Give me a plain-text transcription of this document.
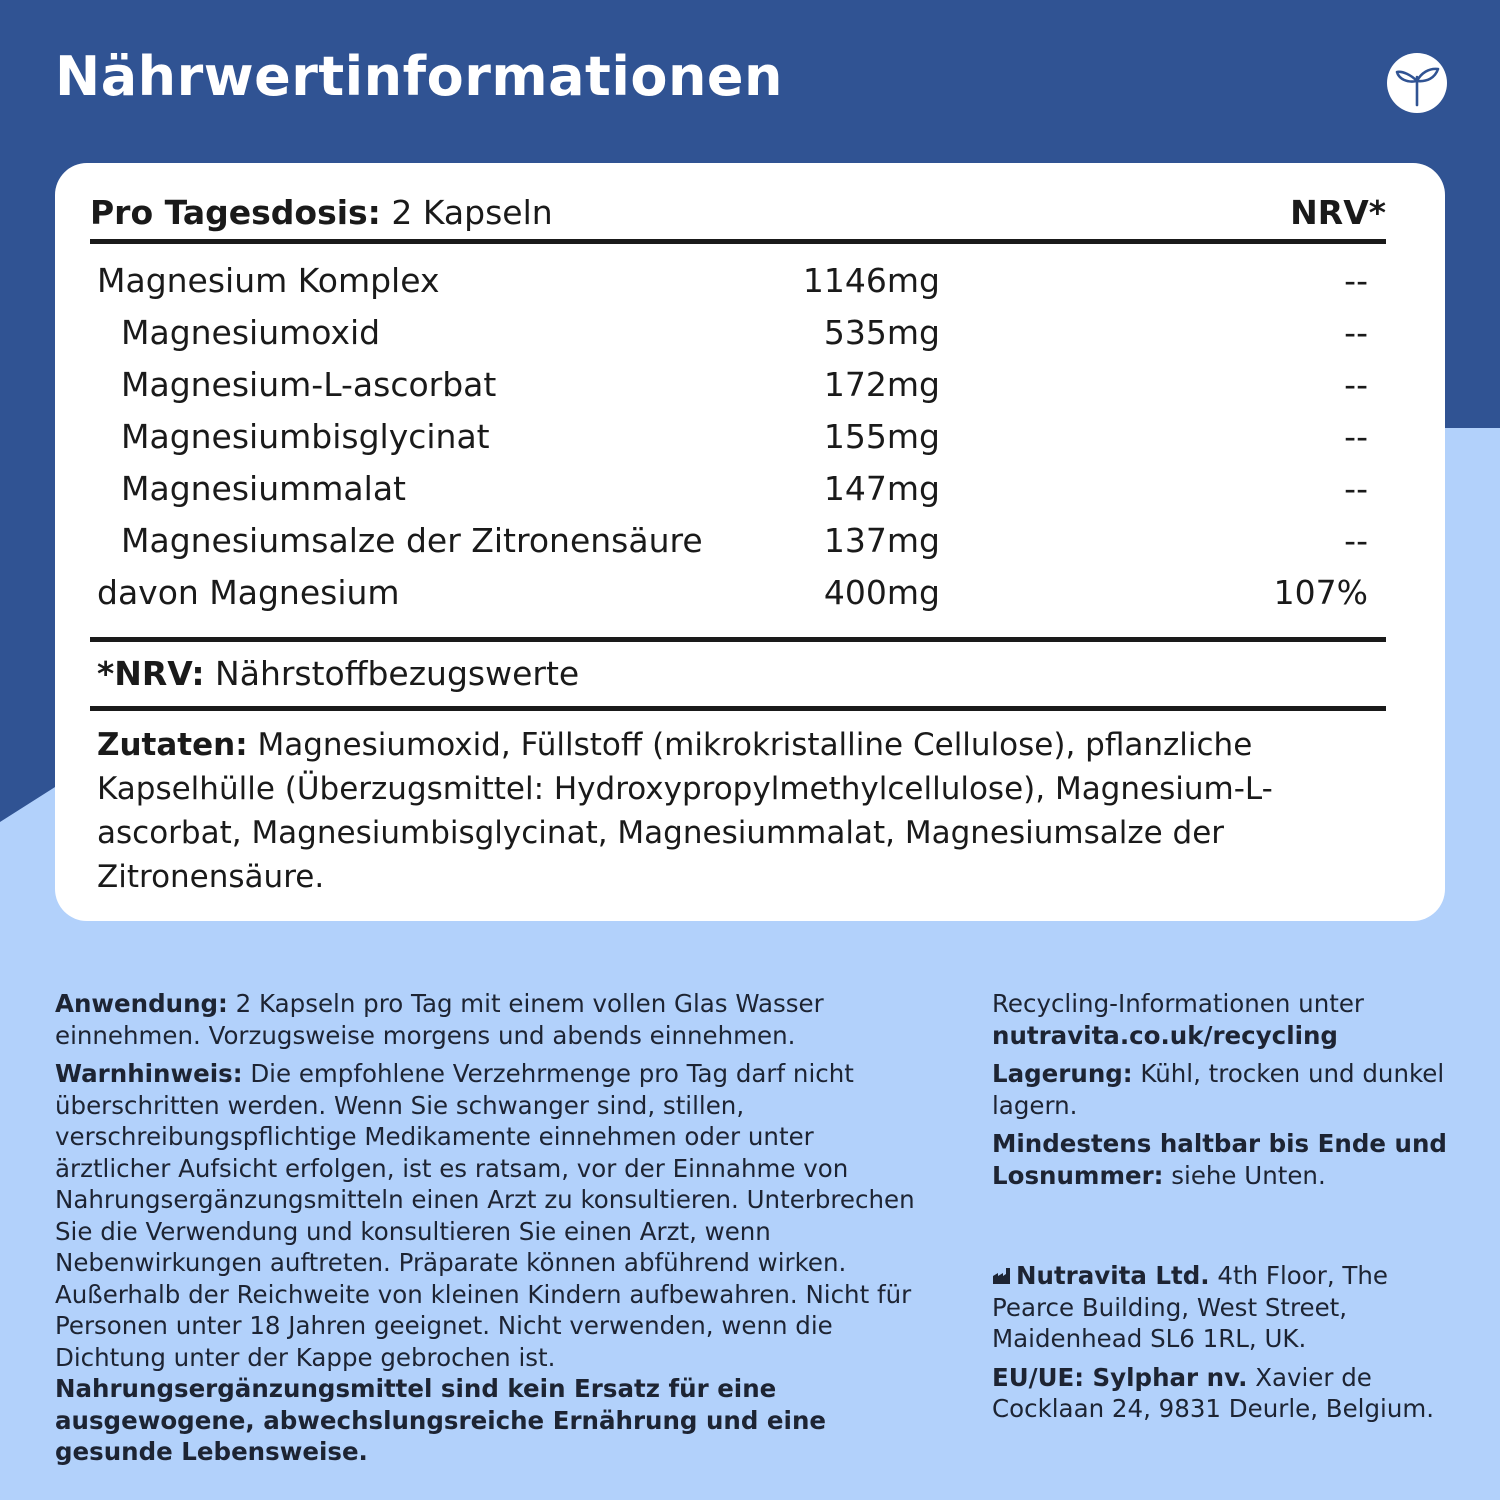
Nährwertinformationen
Pro Tagesdosis: 2 Kapseln	NRV*
Magnesium Komplex	1146mg	--
Magnesiumoxid	535mg	--
Magnesium-L-ascorbat	172mg	--
Magnesiumbisglycinat	155mg	--
Magnesiummalat	147mg	--
Magnesiumsalze der Zitronensäure	137mg	--
davon Magnesium	400mg	107%
*NRV: Nährstoffbezugswerte
Zutaten: Magnesiumoxid, Füllstoff (mikrokristalline Cellulose), pflanzliche Kapselhülle (Überzugsmittel: Hydroxypropylmethylcellulose), Magnesium-L- ascorbat, Magnesiumbisglycinat, Magnesiummalat, Magnesiumsalze der Zitronensäure.

Anwendung: 2 Kapseln pro Tag mit einem vollen Glas Wasser einnehmen. Vorzugsweise morgens und abends einnehmen.

Warnhinweis: Die empfohlene Verzehrmenge pro Tag darf nicht überschritten werden. Wenn Sie schwanger sind, stillen, verschreibungspflichtige Medikamente einnehmen oder unter ärztlicher Aufsicht erfolgen, ist es ratsam, vor der Einnahme von Nahrungsergänzungsmitteln einen Arzt zu konsultieren. Unterbrechen Sie die Verwendung und konsultieren Sie einen Arzt, wenn Nebenwirkungen auftreten. Präparate können abführend wirken. Außerhalb der Reichweite von kleinen Kindern aufbewahren. Nicht für Personen unter 18 Jahren geeignet. Nicht verwenden, wenn die Dichtung unter der Kappe gebrochen ist.
Nahrungsergänzungsmittel sind kein Ersatz für eine ausgewogene, abwechslungsreiche Ernährung und eine gesunde Lebensweise.

Recycling-Informationen unter
nutravita.co.uk/recycling

Lagerung: Kühl, trocken und dunkel lagern.

Mindestens haltbar bis Ende und Losnummer: siehe Unten.

Nutravita Ltd. 4th Floor, The Pearce Building, West Street, Maidenhead SL6 1RL, UK.

EU/UE: Sylphar nv. Xavier de Cocklaan 24, 9831 Deurle, Belgium.
